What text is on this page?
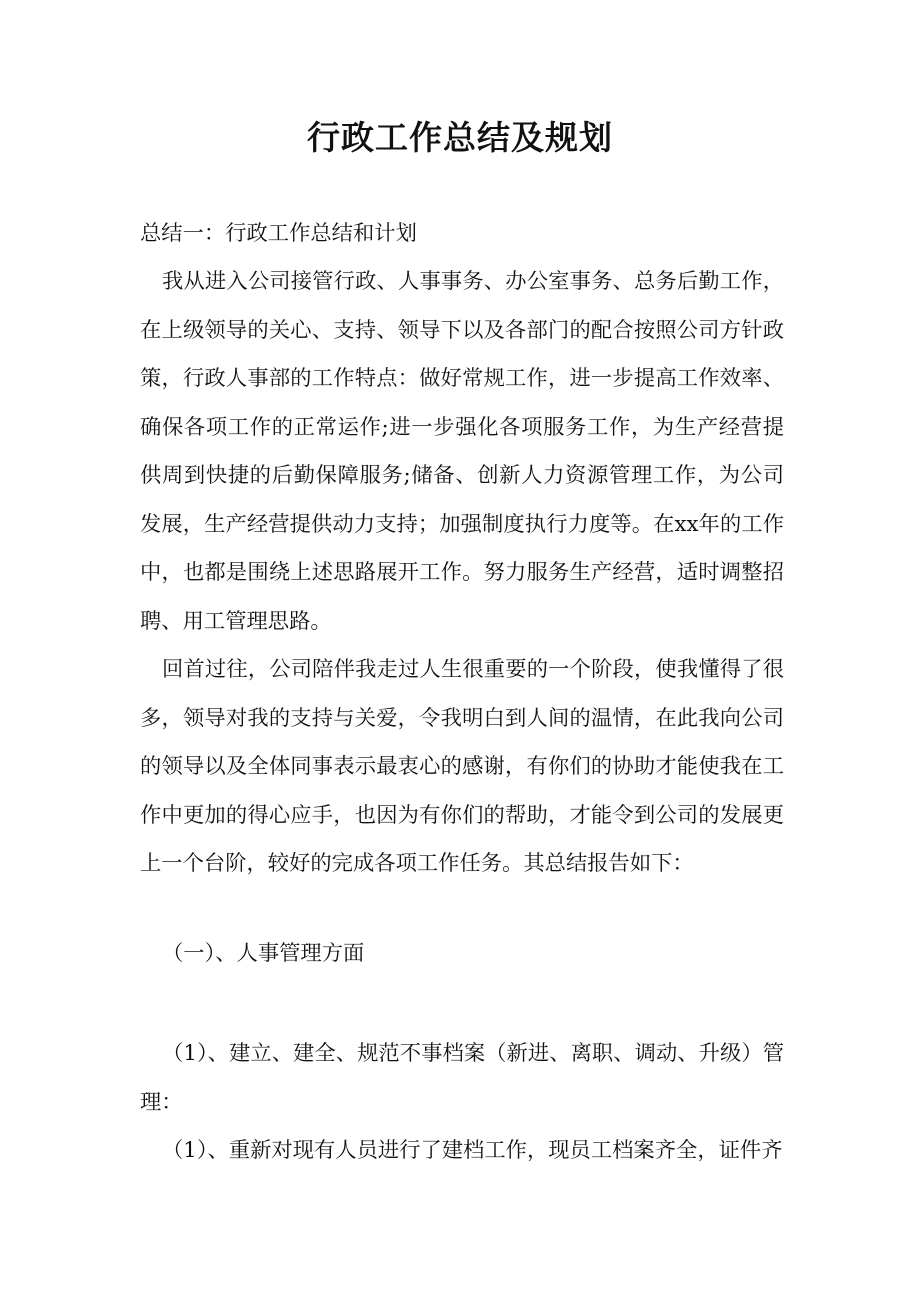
行政工作总结及规划

总结一：行政工作总结和计划

我从进入公司接管行政、人事事务、办公室事务、总务后勤工作，在上级领导的关心、支持、领导下以及各部门的配合按照公司方针政策，行政人事部的工作特点：做好常规工作，进一步提高工作效率、确保各项工作的正常运作;进一步强化各项服务工作，为生产经营提供周到快捷的后勤保障服务;储备、创新人力资源管理工作，为公司发展，生产经营提供动力支持；加强制度执行力度等。在xx年的工作中，也都是围绕上述思路展开工作。努力服务生产经营，适时调整招聘、用工管理思路。

回首过往，公司陪伴我走过人生很重要的一个阶段，使我懂得了很多，领导对我的支持与关爱，令我明白到人间的温情，在此我向公司的领导以及全体同事表示最衷心的感谢，有你们的协助才能使我在工作中更加的得心应手，也因为有你们的帮助，才能令到公司的发展更上一个台阶，较好的完成各项工作任务。其总结报告如下：

（一）、人事管理方面

（1）、建立、建全、规范不事档案（新进、离职、调动、升级）管理：

（1）、重新对现有人员进行了建档工作，现员工档案齐全，证件齐
